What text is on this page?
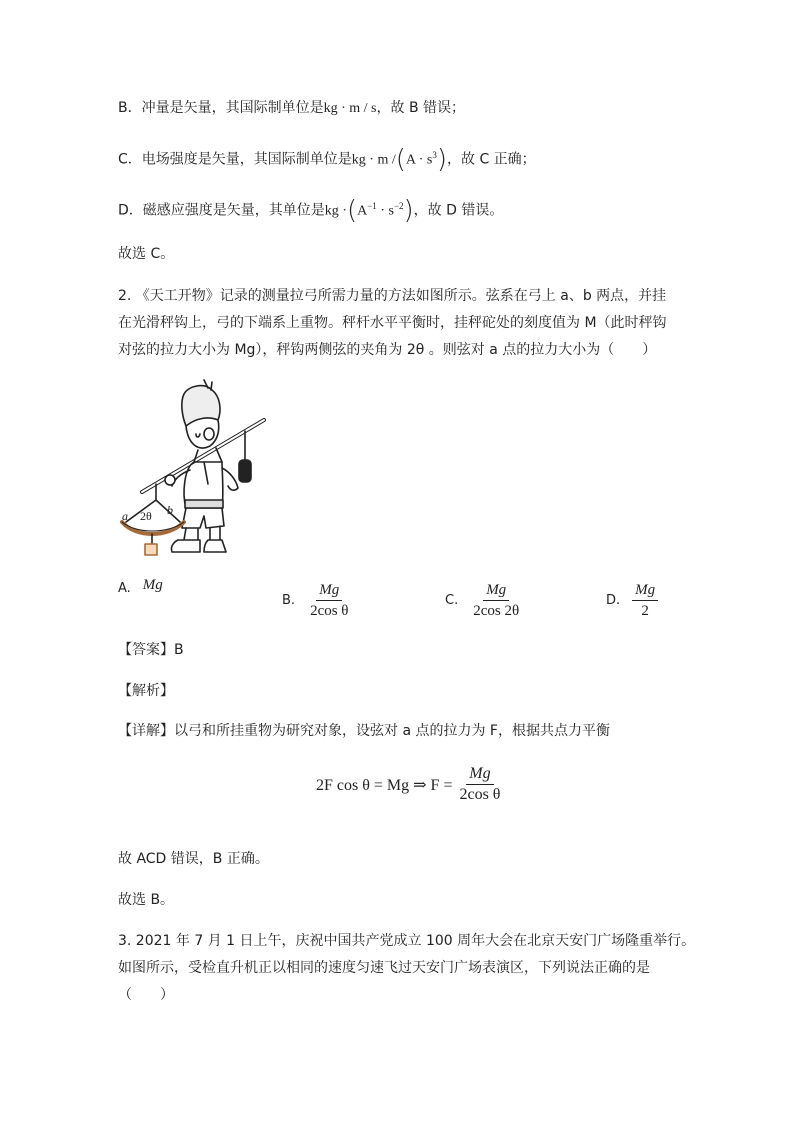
B．冲量是矢量，其国际制单位是kg · m / s，故 B 错误；
C．电场强度是矢量，其国际制单位是kg · m $/(A \cdot s^3)$，故 C 正确；
D．磁感应强度是矢量，其单位是kg $\cdot(A^{-1} \cdot s^{-2})$，故 D 错误。
故选 C。
2. 《天工开物》记录的测量拉弓所需力量的方法如图所示。弦系在弓上 a、b 两点，并挂
在光滑秤钩上，弓的下端系上重物。秤杆水平平衡时，挂秤砣处的刻度值为 M（此时秤钩
对弦的拉力大小为 Mg），秤钩两侧弦的夹角为 2θ 。则弦对 a 点的拉力大小为（　　）
a	b
2θ
A. Mg
B. $\frac{Mg}{\text{2cos θ}}$	C. $\frac{Mg}{2\cos 2\theta}$	D. $\frac{Mg}{2}$
【答案】B
【解析】
【详解】以弓和所挂重物为研究对象，设弦对 a 点的拉力为 F，根据共点力平衡
2F cos θ = Mg ⇒ $F = \frac{Mg}{\text{2cos θ}}$
故 ACD 错误，B 正确。
故选 B。
3. 2021 年 7 月 1 日上午，庆祝中国共产党成立 100 周年大会在北京天安门广场隆重举行。
如图所示，受检直升机正以相同的速度匀速飞过天安门广场表演区，下列说法正确的是
（　　）
